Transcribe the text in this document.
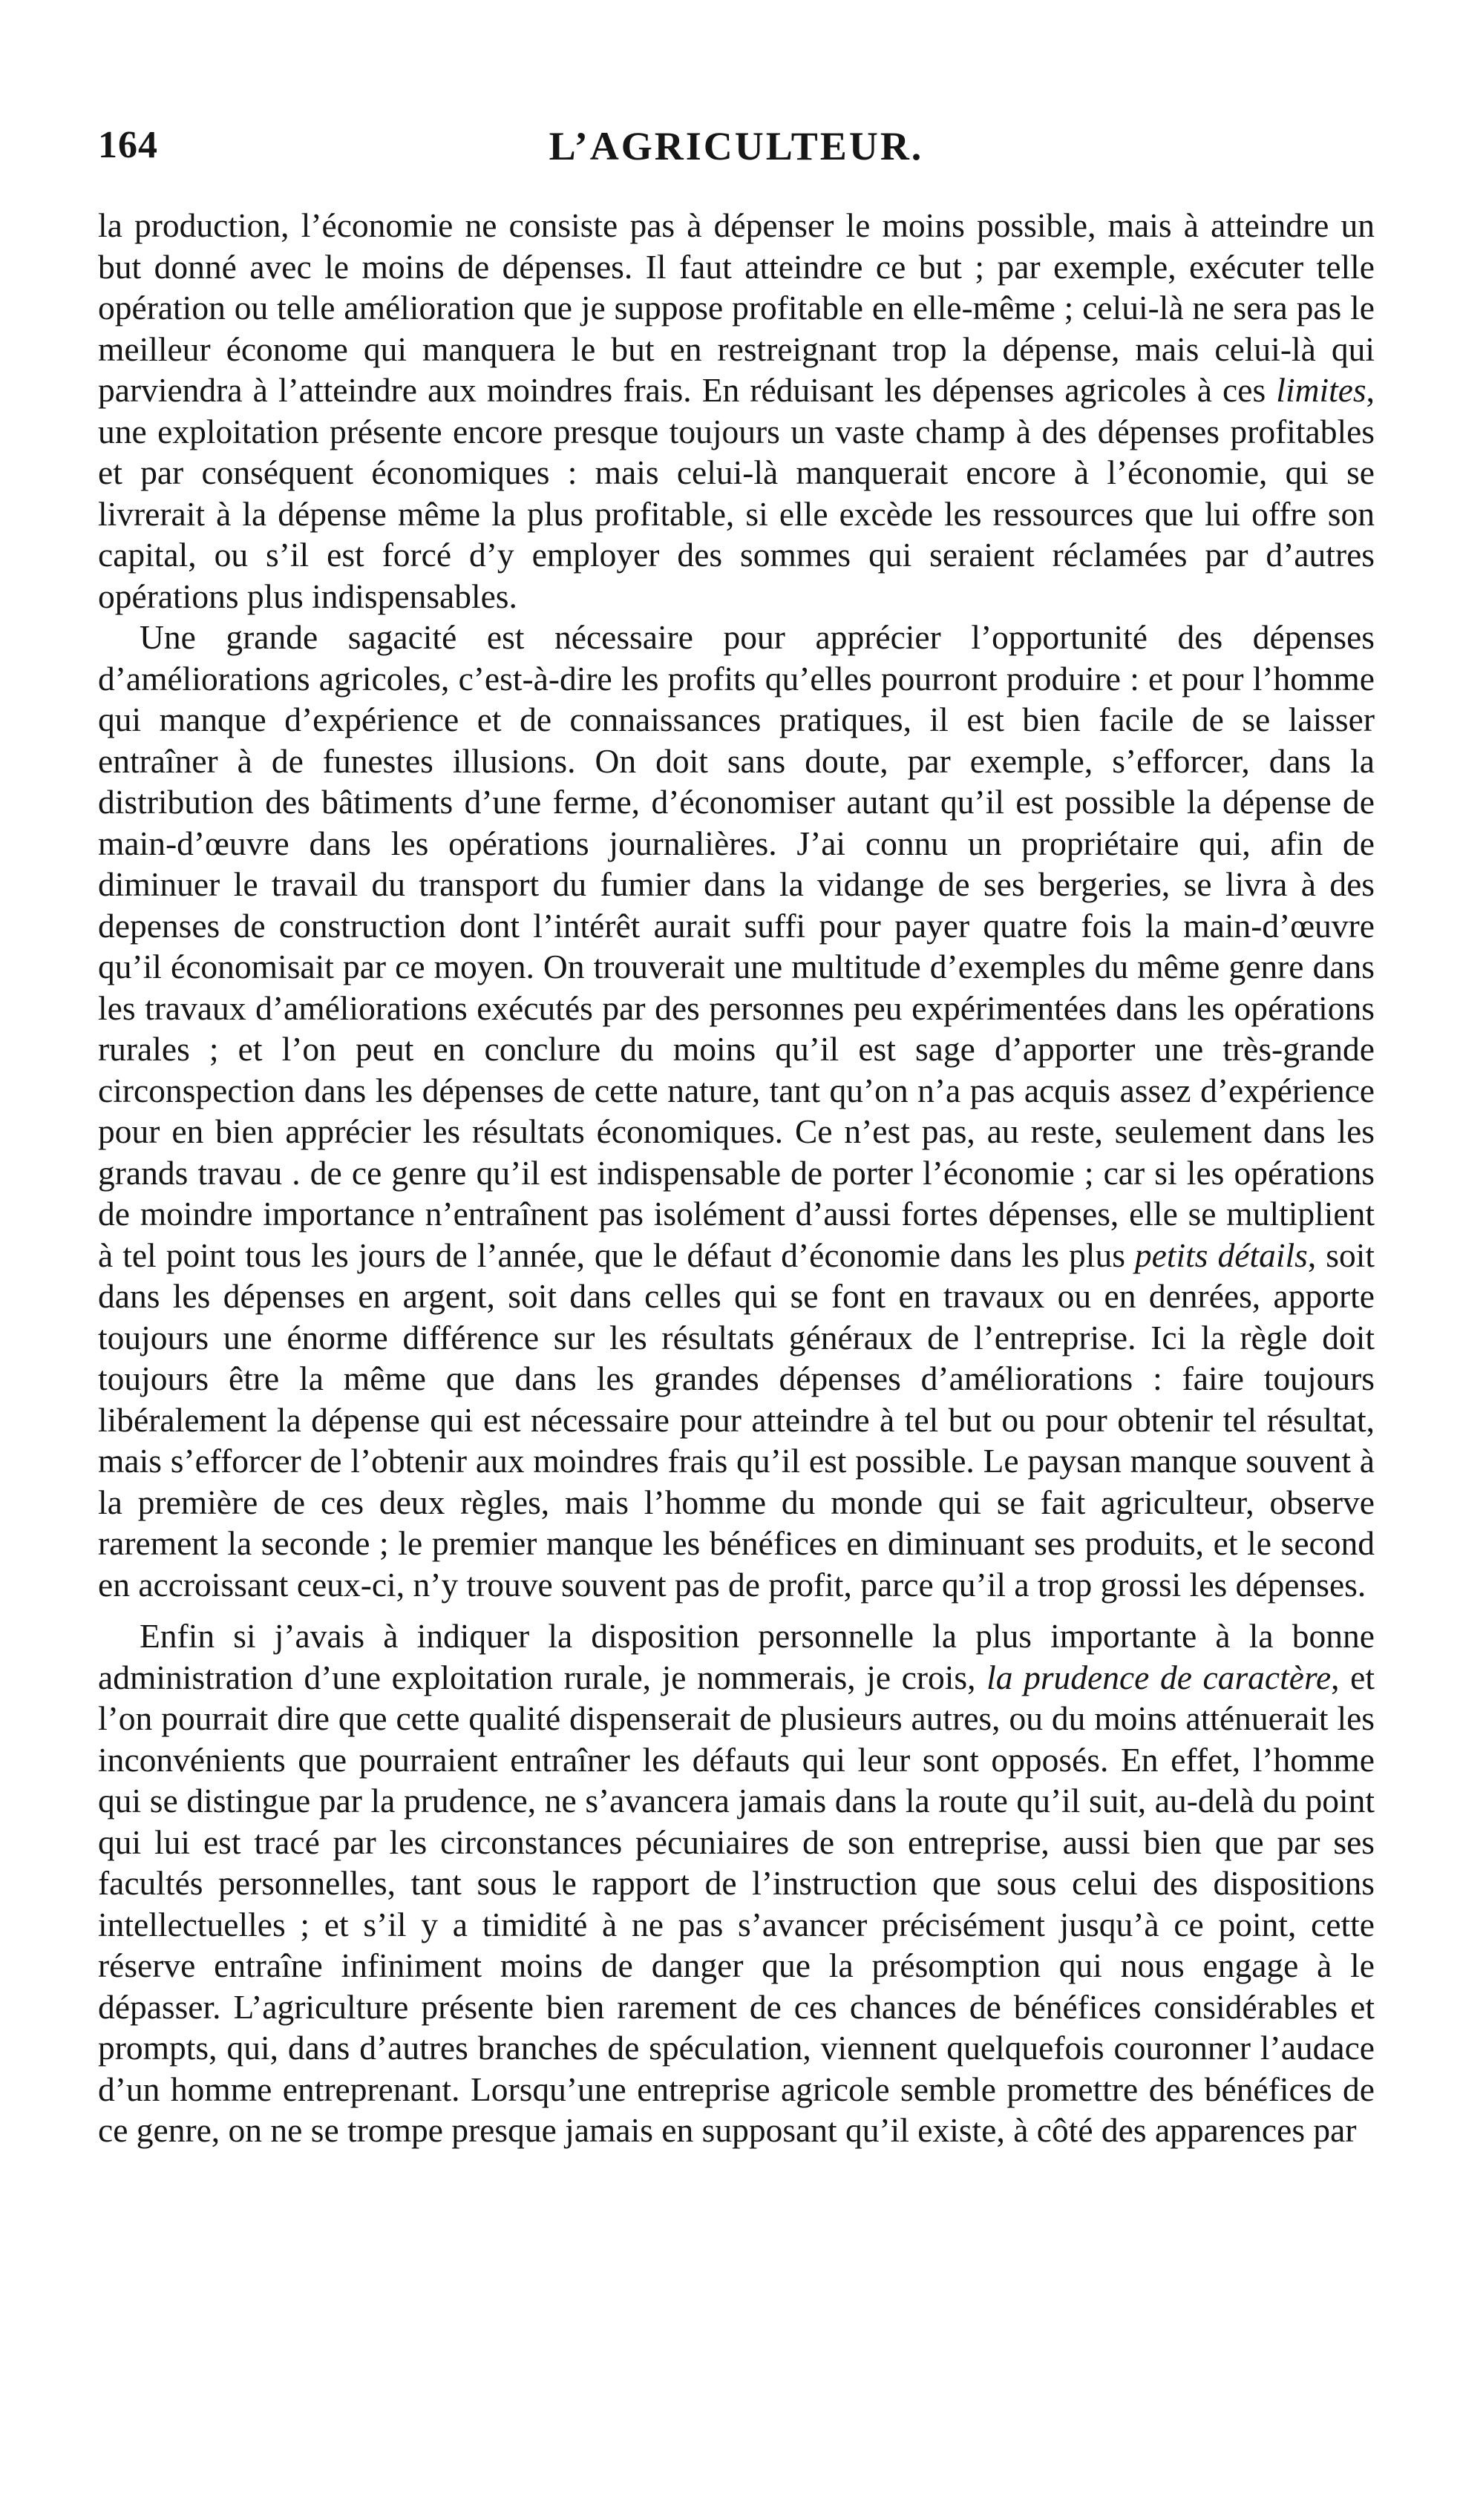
164	L’AGRICULTEUR.

la production, l’économie ne consiste pas à dépenser le moins possible, mais à atteindre un but donné avec le moins de dépenses. Il faut atteindre ce but ; par exemple, exécuter telle opération ou telle amélioration que je suppose profitable en elle-même ; celui-là ne sera pas le meilleur économe qui manquera le but en restreignant trop la dépense, mais celui-là qui parviendra à l’atteindre aux moindres frais. En réduisant les dépenses agricoles à ces limites, une exploitation présente encore presque toujours un vaste champ à des dépenses profitables et par conséquent économiques : mais celui-là manquerait encore à l’économie, qui se livrerait à la dépense même la plus profitable, si elle excède les ressources que lui offre son capital, ou s’il est forcé d’y employer des sommes qui seraient réclamées par d’autres opérations plus indispensables.

Une grande sagacité est nécessaire pour apprécier l’opportunité des dépenses d’améliorations agricoles, c’est-à-dire les profits qu’elles pourront produire : et pour l’homme qui manque d’expérience et de connaissances pratiques, il est bien facile de se laisser entraîner à de funestes illusions. On doit sans doute, par exemple, s’efforcer, dans la distribution des bâtiments d’une ferme, d’économiser autant qu’il est possible la dépense de main-d’œuvre dans les opérations journalières. J’ai connu un propriétaire qui, afin de diminuer le travail du transport du fumier dans la vidange de ses bergeries, se livra à des depenses de construction dont l’intérêt aurait suffi pour payer quatre fois la main-d’œuvre qu’il économisait par ce moyen. On trouverait une multitude d’exemples du même genre dans les travaux d’améliorations exécutés par des personnes peu expérimentées dans les opérations rurales ; et l’on peut en conclure du moins qu’il est sage d’apporter une très-grande circonspection dans les dépenses de cette nature, tant qu’on n’a pas acquis assez d’expérience pour en bien apprécier les résultats économiques. Ce n’est pas, au reste, seulement dans les grands travau . de ce genre qu’il est indispensable de porter l’économie ; car si les opérations de moindre importance n’entraînent pas isolément d’aussi fortes dépenses, elle se multiplient à tel point tous les jours de l’année, que le défaut d’économie dans les plus petits détails, soit dans les dépenses en argent, soit dans celles qui se font en travaux ou en denrées, apporte toujours une énorme différence sur les résultats généraux de l’entreprise. Ici la règle doit toujours être la même que dans les grandes dépenses d’améliorations : faire toujours libéralement la dépense qui est nécessaire pour atteindre à tel but ou pour obtenir tel résultat, mais s’efforcer de l’obtenir aux moindres frais qu’il est possible. Le paysan manque souvent à la première de ces deux règles, mais l’homme du monde qui se fait agriculteur, observe rarement la seconde ; le premier manque les bénéfices en diminuant ses produits, et le second en accroissant ceux-ci, n’y trouve souvent pas de profit, parce qu’il a trop grossi les dépenses.

Enfin si j’avais à indiquer la disposition personnelle la plus importante à la bonne administration d’une exploitation rurale, je nommerais, je crois, la prudence de caractère, et l’on pourrait dire que cette qualité dispenserait de plusieurs autres, ou du moins atténuerait les inconvénients que pourraient entraîner les défauts qui leur sont opposés. En effet, l’homme qui se distingue par la prudence, ne s’avancera jamais dans la route qu’il suit, au-delà du point qui lui est tracé par les circonstances pécuniaires de son entreprise, aussi bien que par ses facultés personnelles, tant sous le rapport de l’instruction que sous celui des dispositions intellectuelles ; et s’il y a timidité à ne pas s’avancer précisément jusqu’à ce point, cette réserve entraîne infiniment moins de danger que la présomption qui nous engage à le dépasser. L’agriculture présente bien rarement de ces chances de bénéfices considérables et prompts, qui, dans d’autres branches de spéculation, viennent quelquefois couronner l’audace d’un homme entreprenant. Lorsqu’une entreprise agricole semble promettre des bénéfices de ce genre, on ne se trompe presque jamais en supposant qu’il existe, à côté des apparences par
